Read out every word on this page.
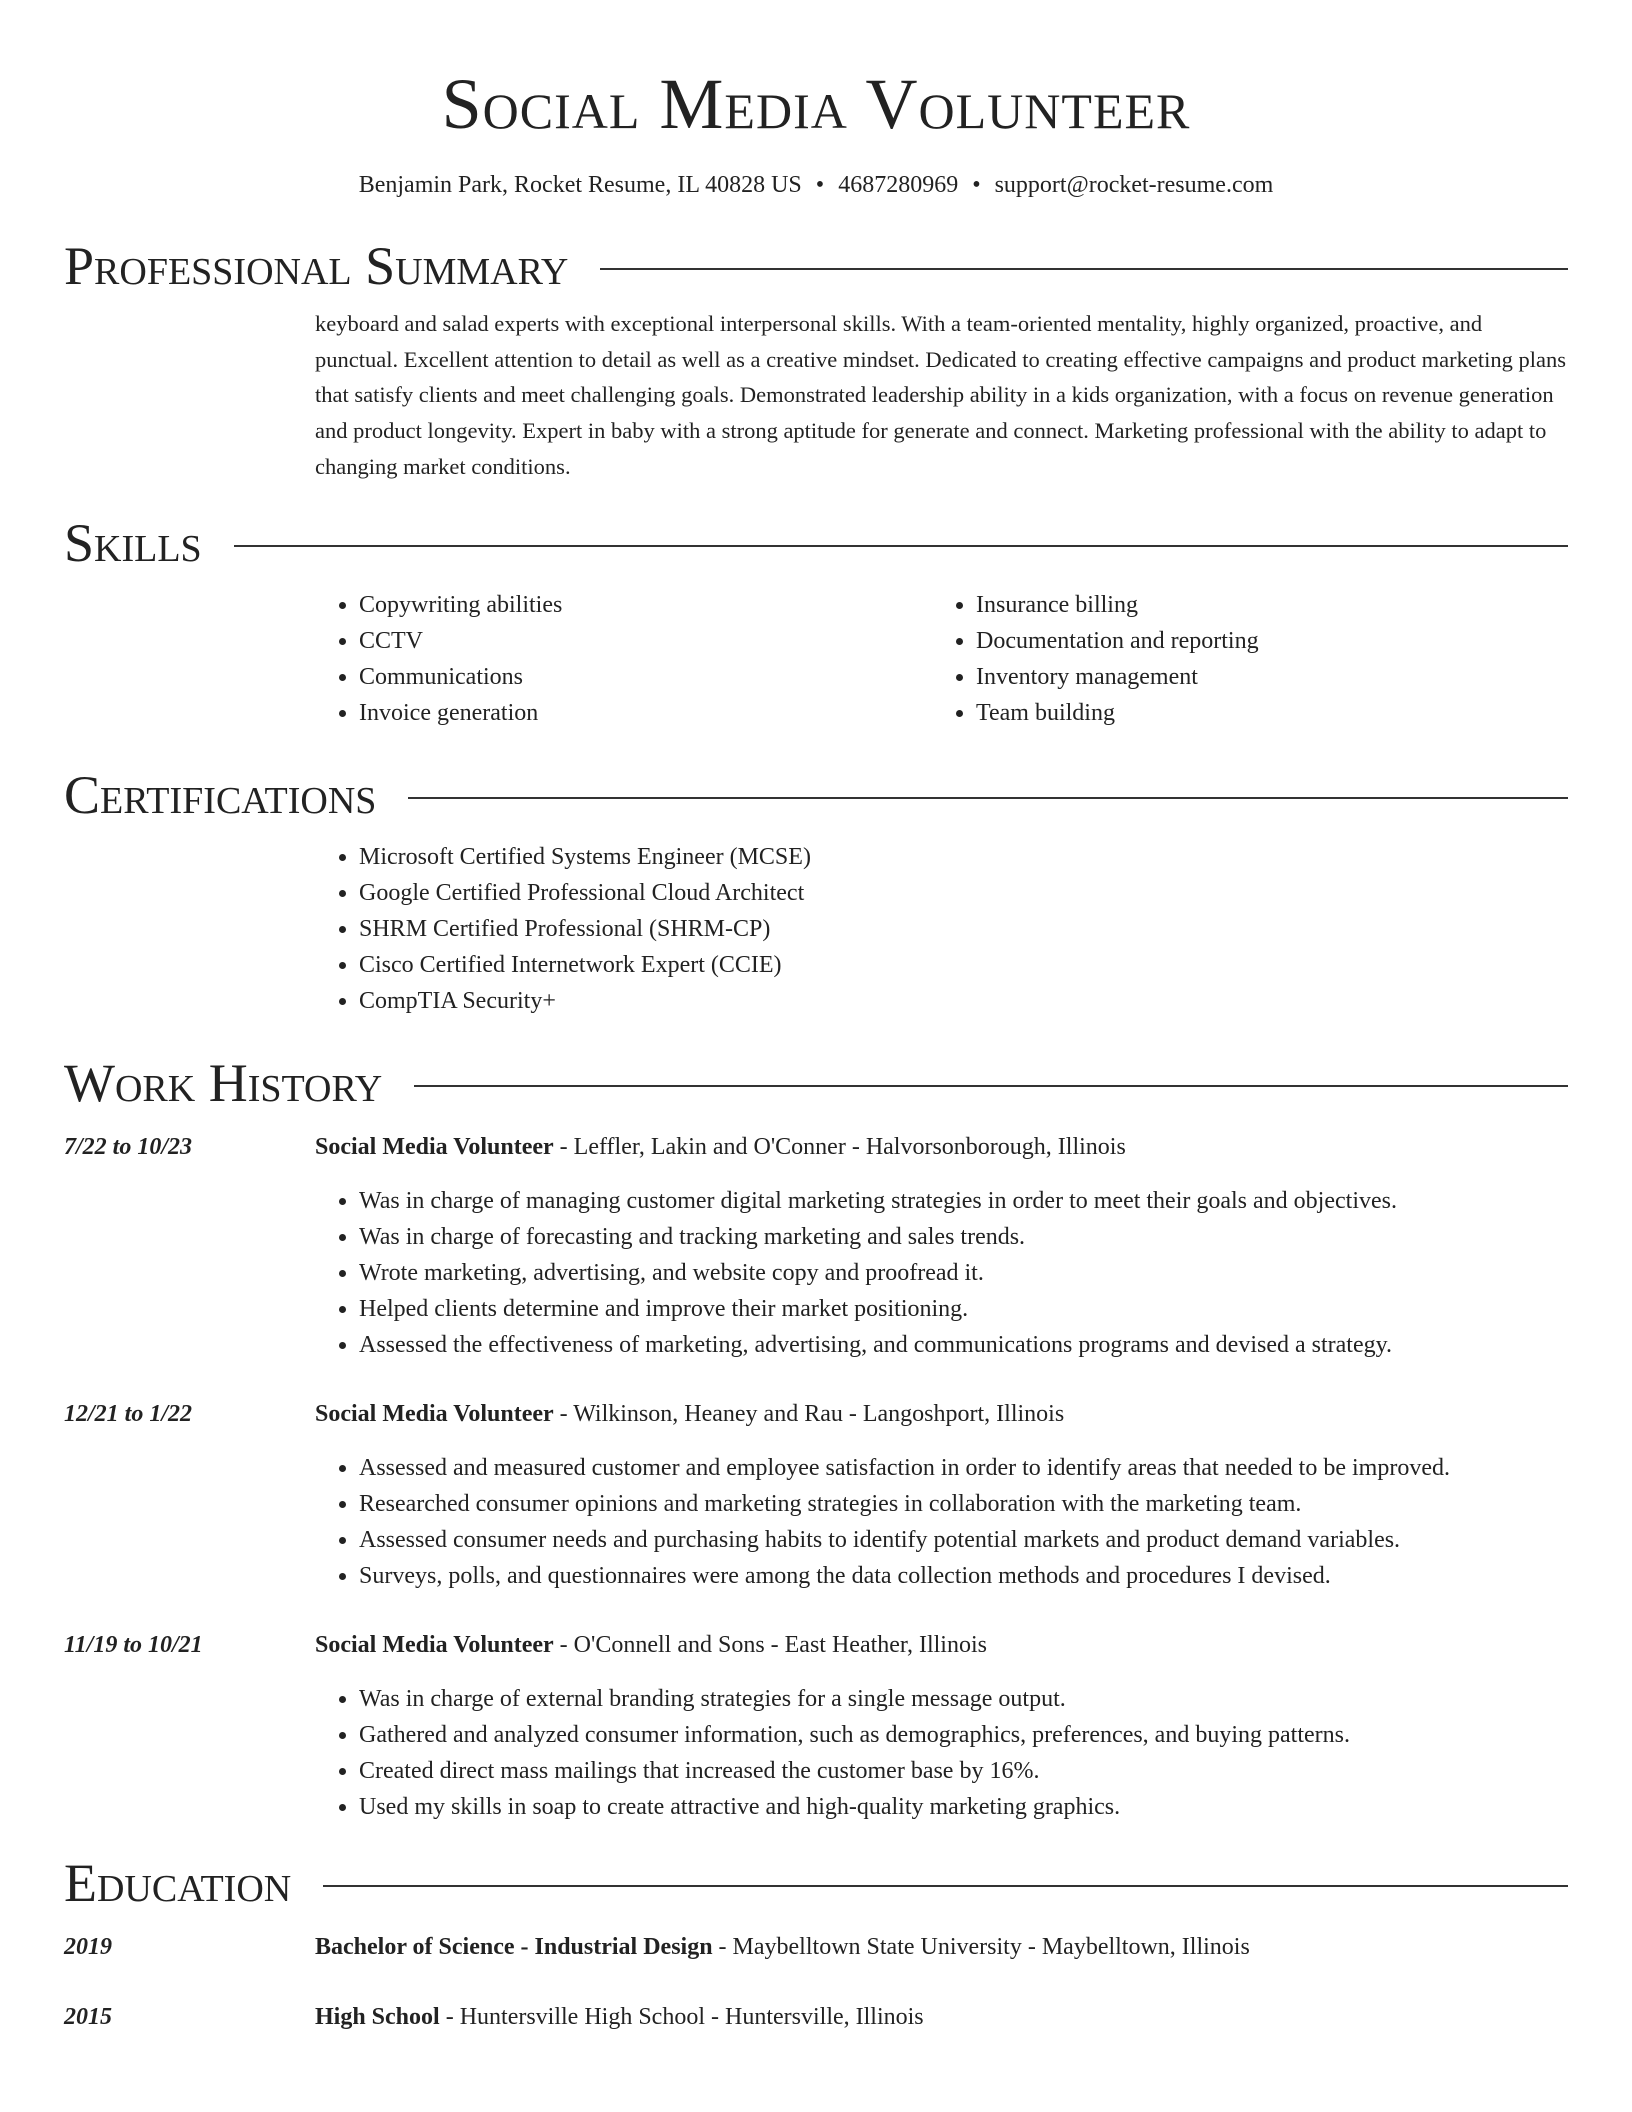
Social Media Volunteer
Benjamin Park, Rocket Resume, IL 40828 US • 4687280969 • support@rocket-resume.com
Professional Summary
keyboard and salad experts with exceptional interpersonal skills. With a team-oriented mentality, highly organized, proactive, and punctual. Excellent attention to detail as well as a creative mindset. Dedicated to creating effective campaigns and product marketing plans that satisfy clients and meet challenging goals. Demonstrated leadership ability in a kids organization, with a focus on revenue generation and product longevity. Expert in baby with a strong aptitude for generate and connect. Marketing professional with the ability to adapt to changing market conditions.
Skills
• Copywriting abilities
• CCTV
• Communications
• Invoice generation
• Insurance billing
• Documentation and reporting
• Inventory management
• Team building
Certifications
• Microsoft Certified Systems Engineer (MCSE)
• Google Certified Professional Cloud Architect
• SHRM Certified Professional (SHRM-CP)
• Cisco Certified Internetwork Expert (CCIE)
• CompTIA Security+
Work History
7/22 to 10/23	Social Media Volunteer - Leffler, Lakin and O'Conner - Halvorsonborough, Illinois
• Was in charge of managing customer digital marketing strategies in order to meet their goals and objectives.
• Was in charge of forecasting and tracking marketing and sales trends.
• Wrote marketing, advertising, and website copy and proofread it.
• Helped clients determine and improve their market positioning.
• Assessed the effectiveness of marketing, advertising, and communications programs and devised a strategy.
12/21 to 1/22	Social Media Volunteer - Wilkinson, Heaney and Rau - Langoshport, Illinois
• Assessed and measured customer and employee satisfaction in order to identify areas that needed to be improved.
• Researched consumer opinions and marketing strategies in collaboration with the marketing team.
• Assessed consumer needs and purchasing habits to identify potential markets and product demand variables.
• Surveys, polls, and questionnaires were among the data collection methods and procedures I devised.
11/19 to 10/21	Social Media Volunteer - O'Connell and Sons - East Heather, Illinois
• Was in charge of external branding strategies for a single message output.
• Gathered and analyzed consumer information, such as demographics, preferences, and buying patterns.
• Created direct mass mailings that increased the customer base by 16%.
• Used my skills in soap to create attractive and high-quality marketing graphics.
Education
2019	Bachelor of Science - Industrial Design - Maybelltown State University - Maybelltown, Illinois
2015	High School - Huntersville High School - Huntersville, Illinois
